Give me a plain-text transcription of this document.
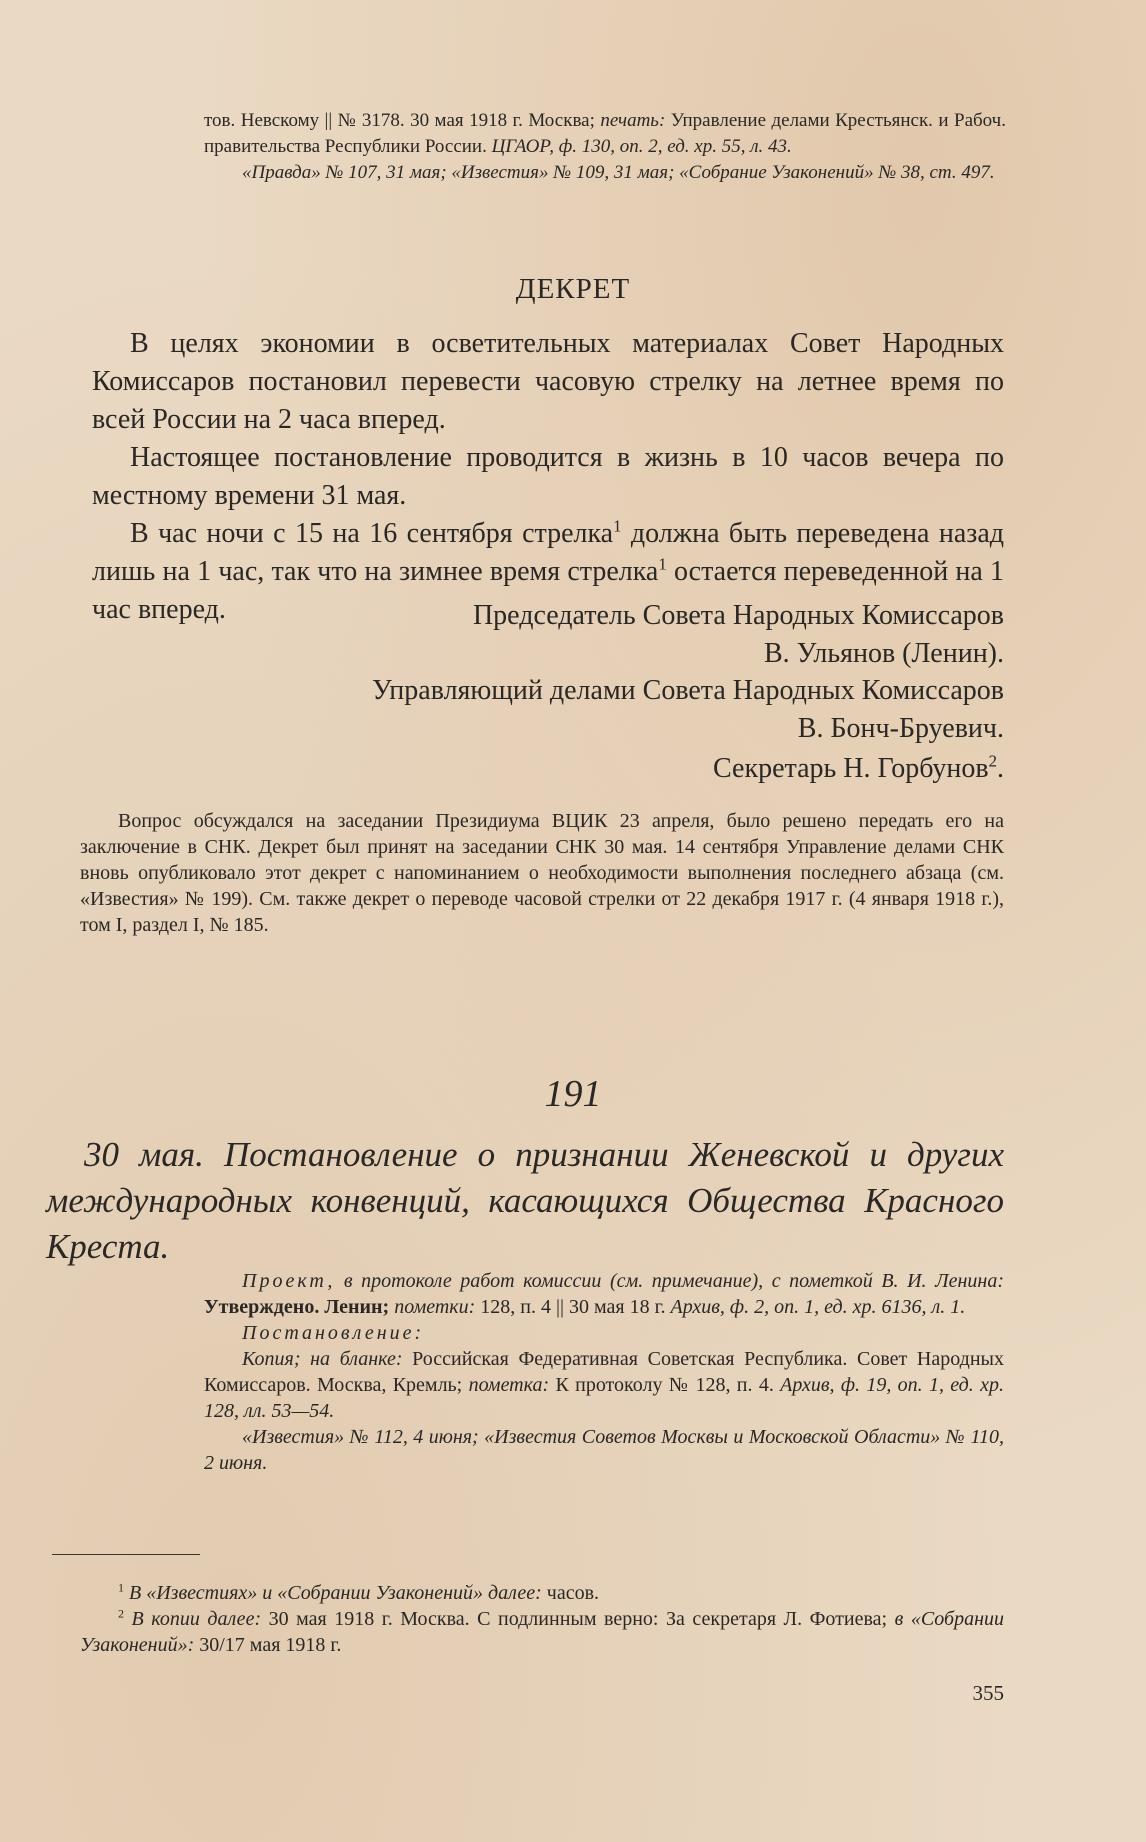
тов. Невскому || № 3178. 30 мая 1918 г. Москва; печать: Управление делами Крестьянск. и Рабоч. правительства Республики России. ЦГАОР, ф. 130, оп. 2, ед. хр. 55, л. 43.
«Правда» № 107, 31 мая; «Известия» № 109, 31 мая; «Собрание Узаконений» № 38, ст. 497.
ДЕКРЕТ
В целях экономии в осветительных материалах Совет Народных Комиссаров постановил перевести часовую стрелку на летнее время по всей России на 2 часа вперед.
Настоящее постановление проводится в жизнь в 10 часов вечера по местному времени 31 мая.
В час ночи с 15 на 16 сентября стрелка$^1$ должна быть переведена назад лишь на 1 час, так что на зимнее время стрелка$^1$ остается переведенной на 1 час вперед.	Председатель Совета Народных Комиссаров
В. Ульянов (Ленин).
Управляющий делами Совета Народных Комиссаров
В. Бонч-Бруевич.
Секретарь Н. Горбунов$^2$.
Вопрос обсуждался на заседании Президиума ВЦИК 23 апреля, было решено передать его на заключение в СНК. Декрет был принят на заседании СНК 30 мая. 14 сентября Управление делами СНК вновь опубликовало этот декрет с напоминанием о необходимости выполнения последнего абзаца (см. «Известия» № 199). См. также декрет о переводе часовой стрелки от 22 декабря 1917 г. (4 января 1918 г.), том I, раздел I, № 185.
191
30 мая. Постановление о признании Женевской и других международных конвенций, касающихся Общества Красного Креста.
Проект, в протоколе работ комиссии (см. примечание), с пометкой В. И. Ленина: Утверждено. Ленин; пометки: 128, п. 4 || 30 мая 18 г. Архив, ф. 2, оп. 1, ед. хр. 6136, л. 1.
Постановление:
Копия; на бланке: Российская Федеративная Советская Республика. Совет Народных Комиссаров. Москва, Кремль; пометка: К протоколу № 128, п. 4. Архив, ф. 19, оп. 1, ед. хр. 128, лл. 53—54.
«Известия» № 112, 4 июня; «Известия Советов Москвы и Московской Области» № 110, 2 июня.
$^1$ В «Известиях» и «Собрании Узаконений» далее: часов.
$^2$ В копии далее: 30 мая 1918 г. Москва. С подлинным верно: За секретаря Л. Фотиева; в «Собрании Узаконений»: 30/17 мая 1918 г.
355
